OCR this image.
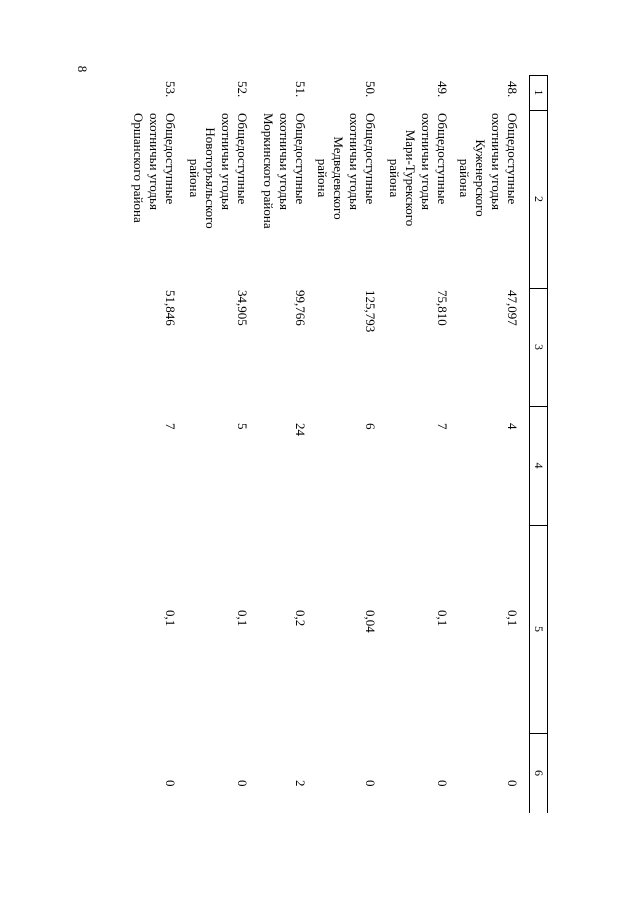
8
1
2
3
4
5
6
48.
Общедоступные
охотничьи угодья
Куженерского
района
47,097
4
0,1
0
49.
Общедоступные
охотничьи угодья
Мари-Турекского
района
75,810
7
0,1
0
50.
Общедоступные
охотничьи угодья
Медведевского
района
125,793
6
0,04
0
51.
Общедоступные
охотничьи угодья
Моркинского района
99,766
24
0,2
2
52.
Общедоступные
охотничьи угодья
Новоторъяльского
района
34,905
5
0,1
0
53.
Общедоступные
охотничьи угодья
Оршанского района
51,846
7
0,1
0
